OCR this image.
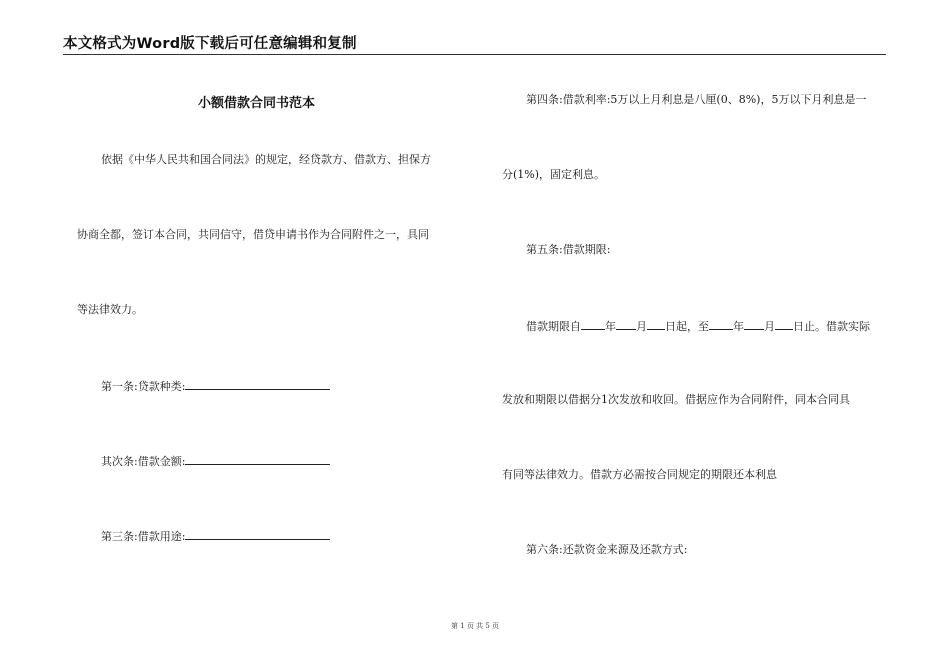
本文格式为Word版下载后可任意编辑和复制
小额借款合同书范本
依据《中华人民共和国合同法》的规定，经贷款方、借款方、担保方
协商全都，签订本合同，共同信守，借贷申请书作为合同附件之一，具同
等法律效力。
第一条:贷款种类:
其次条:借款金额:
第三条:借款用途:
第四条:借款利率:5万以上月利息是八厘(0、8%)，5万以下月利息是一
分(1%)，固定利息。
第五条:借款期限:
借款期限自 年 月 日起，至 年 月 日止。借款实际
发放和期限以借据分1次发放和收回。借据应作为合同附件，同本合同具
有同等法律效力。借款方必需按合同规定的期限还本利息
第六条:还款资金来源及还款方式:
第 1 页 共 5 页
